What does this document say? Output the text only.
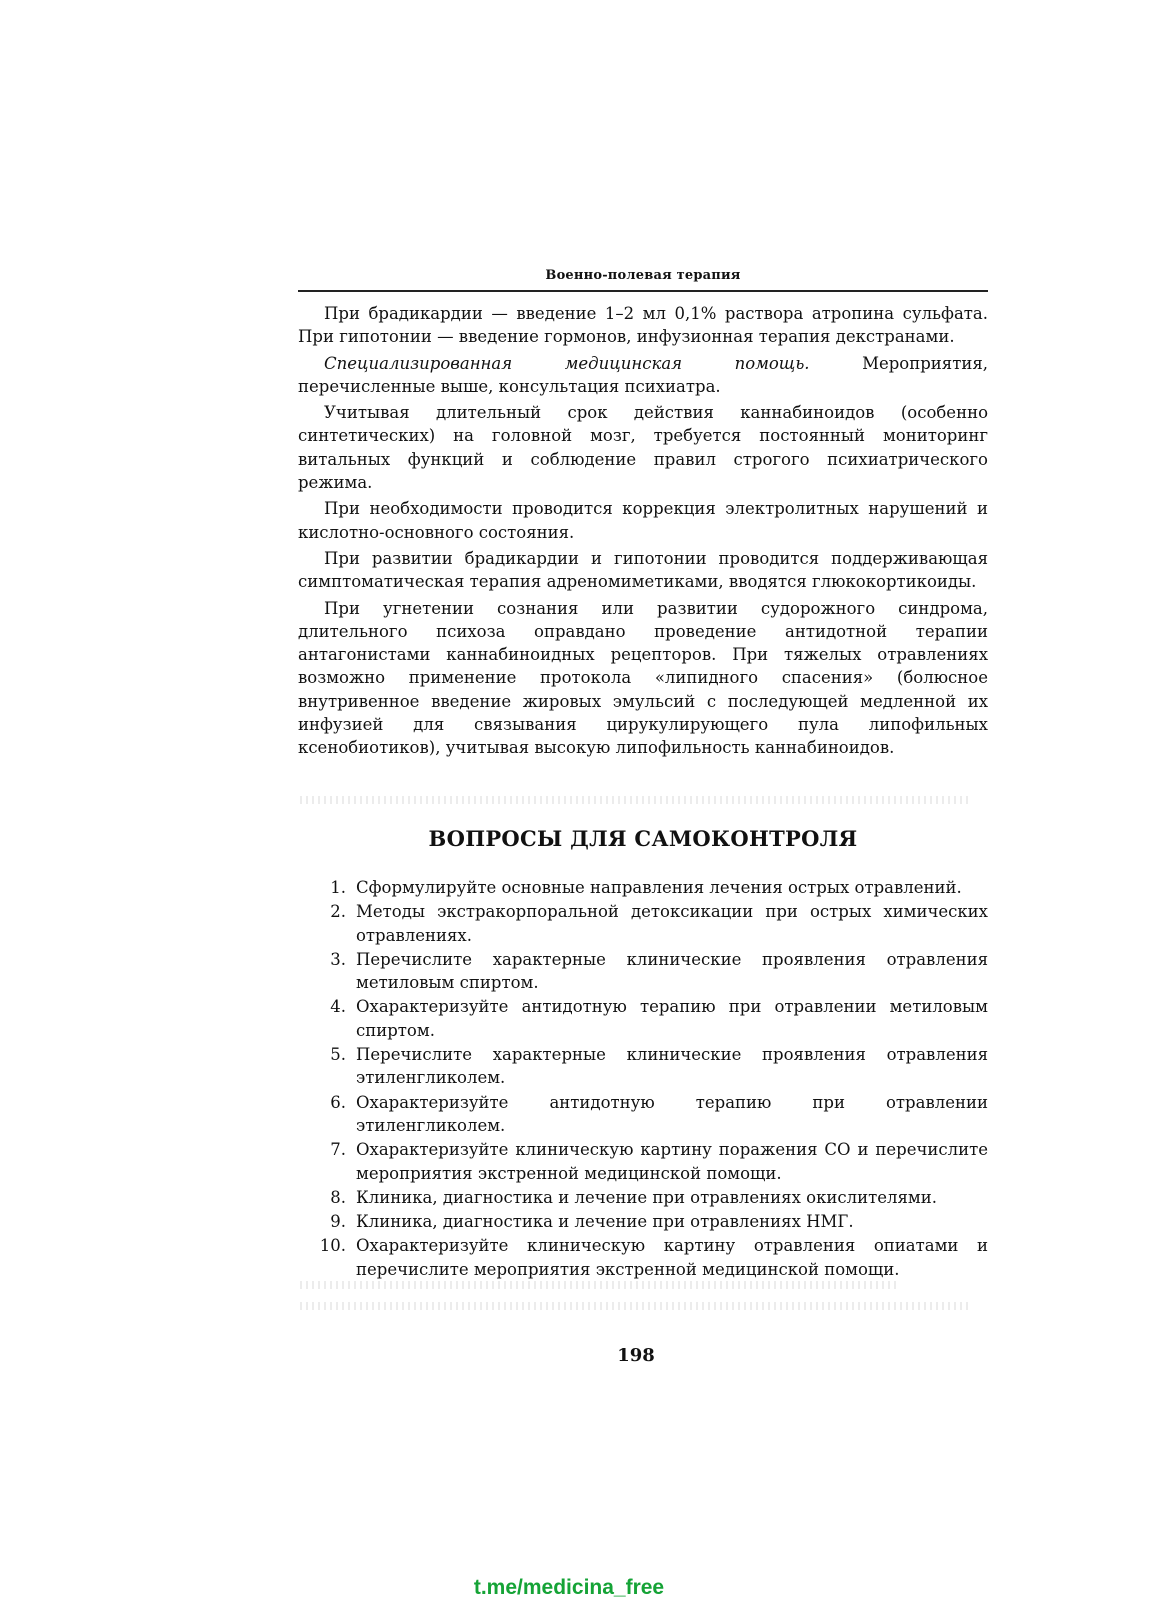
Военно-полевая терапия

При брадикардии — введение 1–2 мл 0,1% раствора атропина сульфата. При гипотонии — введение гормонов, инфузионная терапия декстранами.

Специализированная медицинская помощь. Мероприятия, перечисленные выше, консультация психиатра.

Учитывая длительный срок действия каннабиноидов (особенно синтетических) на головной мозг, требуется постоянный мониторинг витальных функций и соблюдение правил строгого психиатрического режима.

При необходимости проводится коррекция электролитных нарушений и кислотно-основного состояния.

При развитии брадикардии и гипотонии проводится поддерживающая симптоматическая терапия адреномиметиками, вводятся глюкокортикоиды.

При угнетении сознания или развитии судорожного синдрома, длительного психоза оправдано проведение антидотной терапии антагонистами каннабиноидных рецепторов. При тяжелых отравлениях возможно применение протокола «липидного спасения» (болюсное внутривенное введение жировых эмульсий с последующей медленной их инфузией для связывания цирукулирующего пула липофильных ксенобиотиков), учитывая высокую липофильность каннабиноидов.

ВОПРОСЫ ДЛЯ САМОКОНТРОЛЯ
1. Сформулируйте основные направления лечения острых отравлений.
2. Методы экстракорпоральной детоксикации при острых химических отравлениях.
3. Перечислите характерные клинические проявления отравления метиловым спиртом.
4. Охарактеризуйте антидотную терапию при отравлении метиловым спиртом.
5. Перечислите характерные клинические проявления отравления этиленгликолем.
6. Охарактеризуйте антидотную терапию при отравлении этиленгликолем.
7. Охарактеризуйте клиническую картину поражения СО и перечислите мероприятия экстренной медицинской помощи.
8. Клиника, диагностика и лечение при отравлениях окислителями.
9. Клиника, диагностика и лечение при отравлениях НМГ.
10. Охарактеризуйте клиническую картину отравления опиатами и перечислите мероприятия экстренной медицинской помощи.
198
t.me/medicina_free
